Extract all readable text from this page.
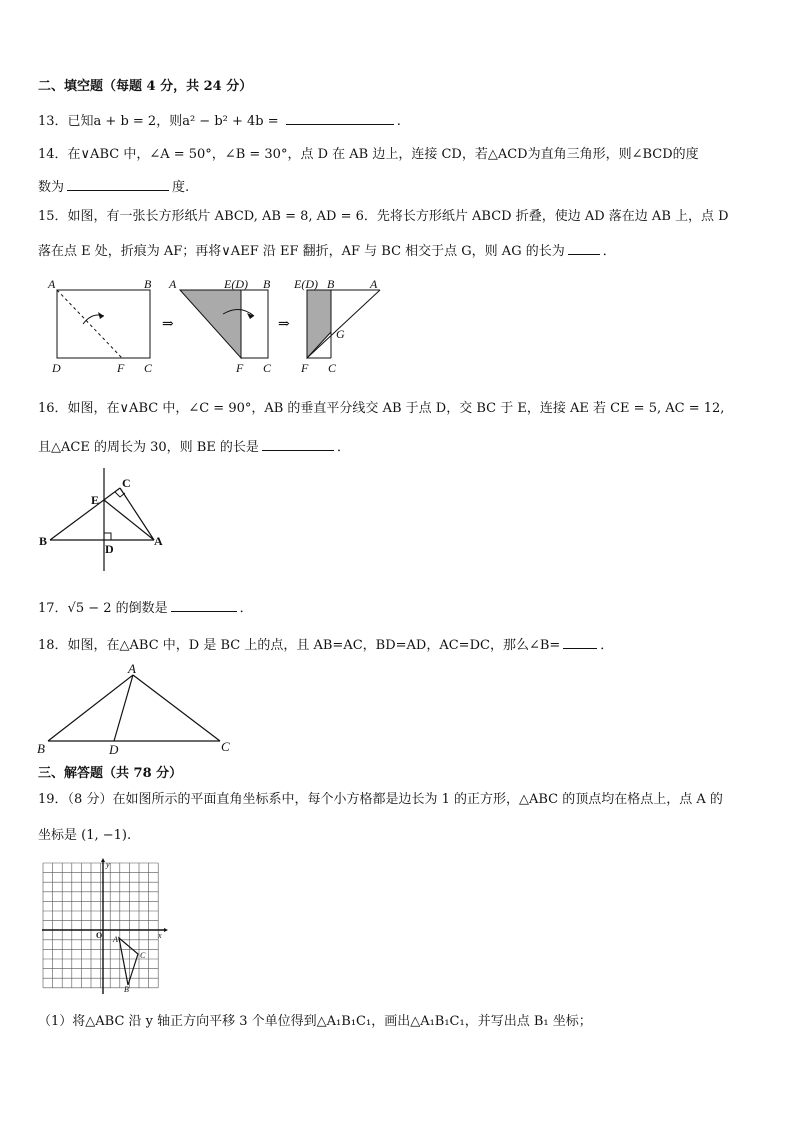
二、填空题（每题 4 分，共 24 分）
13．已知a + b = 2，则a² − b² + 4b =	.
14．在∨ABC 中，∠A = 50°，∠B = 30°，点 D 在 AB 边上，连接 CD，若△ACD为直角三角形，则∠BCD的度
数为	度.
15．如图，有一张长方形纸片 ABCD, AB = 8, AD = 6．先将长方形纸片 ABCD 折叠，使边 AD 落在边 AB 上，点 D
落在点 E 处，折痕为 AF；再将∨AEF 沿 EF 翻折，AF 与 BC 相交于点 G，则 AG 的长为	．
A	B
D	F C
⇒
A	E(D) B
F C
⇒
E(D) B	A
G
F C
16．如图，在∨ABC 中，∠C = 90°，AB 的垂直平分线交 AB 于点 D，交 BC 于 E，连接 AE 若 CE = 5, AC = 12,
且△ACE 的周长为 30，则 BE 的长是	．
E
C
B
D
A
17．√5 − 2 的倒数是	．
18．如图，在△ABC 中，D 是 BC 上的点，且 AB=AC，BD=AD，AC=DC，那么∠B=	．
A
B	D	C
三、解答题（共 78 分）
19．（8 分）在如图所示的平面直角坐标系中，每个小方格都是边长为 1 的正方形，△ABC 的顶点均在格点上，点 A 的
坐标是 (1, −1).
O
y
x
A
B
C
（1）将△ABC 沿 y 轴正方向平移 3 个单位得到△A₁B₁C₁，画出△A₁B₁C₁，并写出点 B₁ 坐标；
